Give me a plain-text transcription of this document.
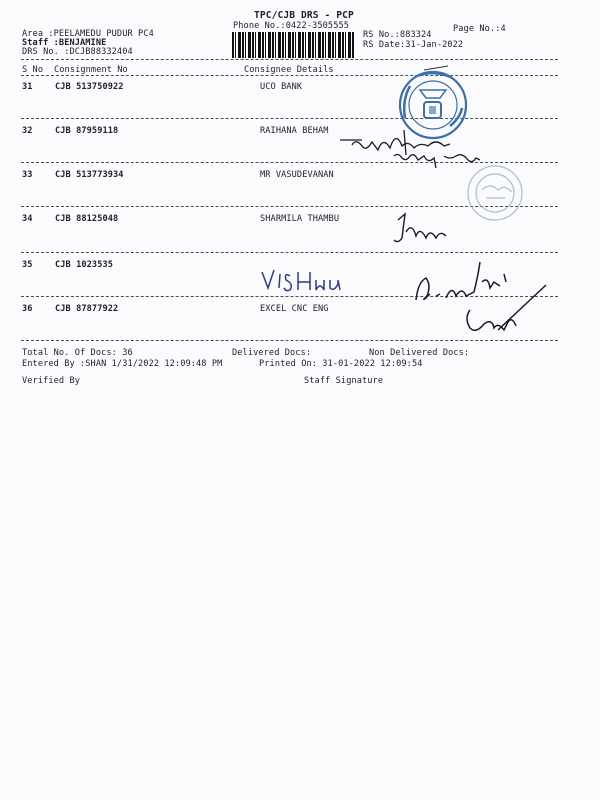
TPC/CJB DRS - PCP
Phone No.:0422-3505555	Page No.:4
Area :PEELAMEDU PUDUR PC4
Staff :BENJAMINE
DRS No. :DCJB88332404
RS No.:883324
RS Date:31-Jan-2022
S No Consignment No	Consignee Details
31	CJB 513750922	UCO BANK
32	CJB 87959118	RAIHANA BEHAM
33	CJB 513773934	MR VASUDEVANAN
34	CJB 88125048	SHARMILA THAMBU
35	CJB 1023535
36	CJB 87877922	EXCEL CNC ENG
Total No. Of Docs: 36	Delivered Docs:	Non Delivered Docs:
Entered By :SHAN 1/31/2022 12:09:48 PM	Printed On: 31-01-2022 12:09:54
Verified By	Staff Signature
